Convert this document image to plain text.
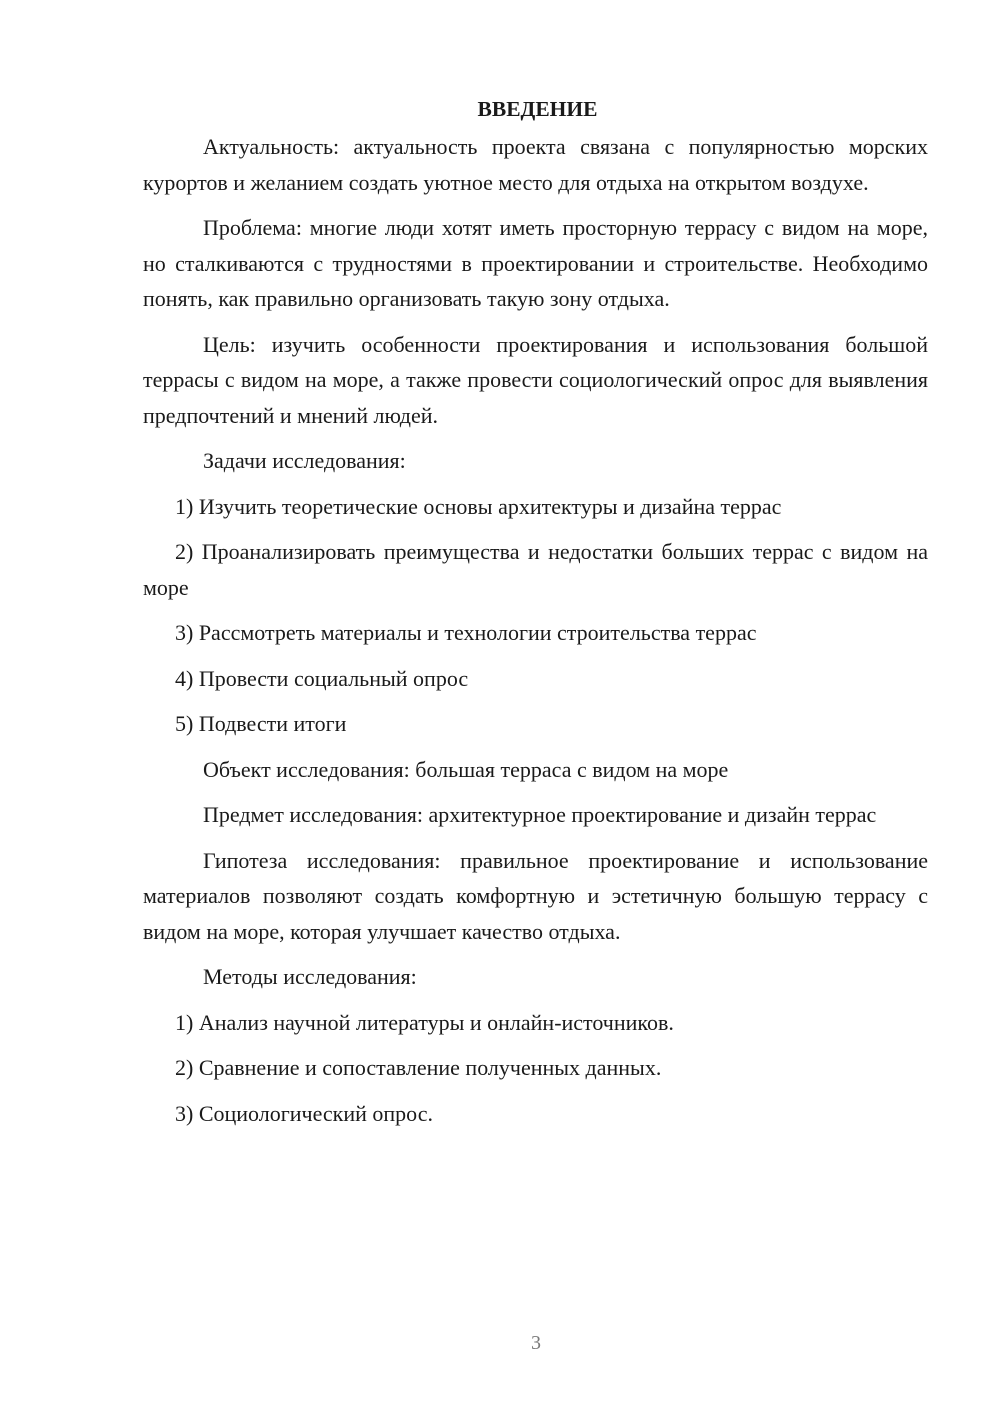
ВВЕДЕНИЕ

Актуальность: актуальность проекта связана с популярностью морских курортов и желанием создать уютное место для отдыха на открытом воздухе.

Проблема: многие люди хотят иметь просторную террасу с видом на море, но сталкиваются с трудностями в проектировании и строительстве. Необходимо понять, как правильно организовать такую зону отдыха.

Цель: изучить особенности проектирования и использования большой террасы с видом на море, а также провести социологический опрос для выявления предпочтений и мнений людей.

Задачи исследования:

1) Изучить теоретические основы архитектуры и дизайна террас

2) Проанализировать преимущества и недостатки больших террас с видом на море

3) Рассмотреть материалы и технологии строительства террас

4) Провести социальный опрос

5) Подвести итоги

Объект исследования: большая терраса с видом на море

Предмет исследования: архитектурное проектирование и дизайн террас

Гипотеза исследования: правильное проектирование и использование материалов позволяют создать комфортную и эстетичную большую террасу с видом на море, которая улучшает качество отдыха.

Методы исследования:

1) Анализ научной литературы и онлайн-источников.

2) Сравнение и сопоставление полученных данных.

3) Социологический опрос.

3
